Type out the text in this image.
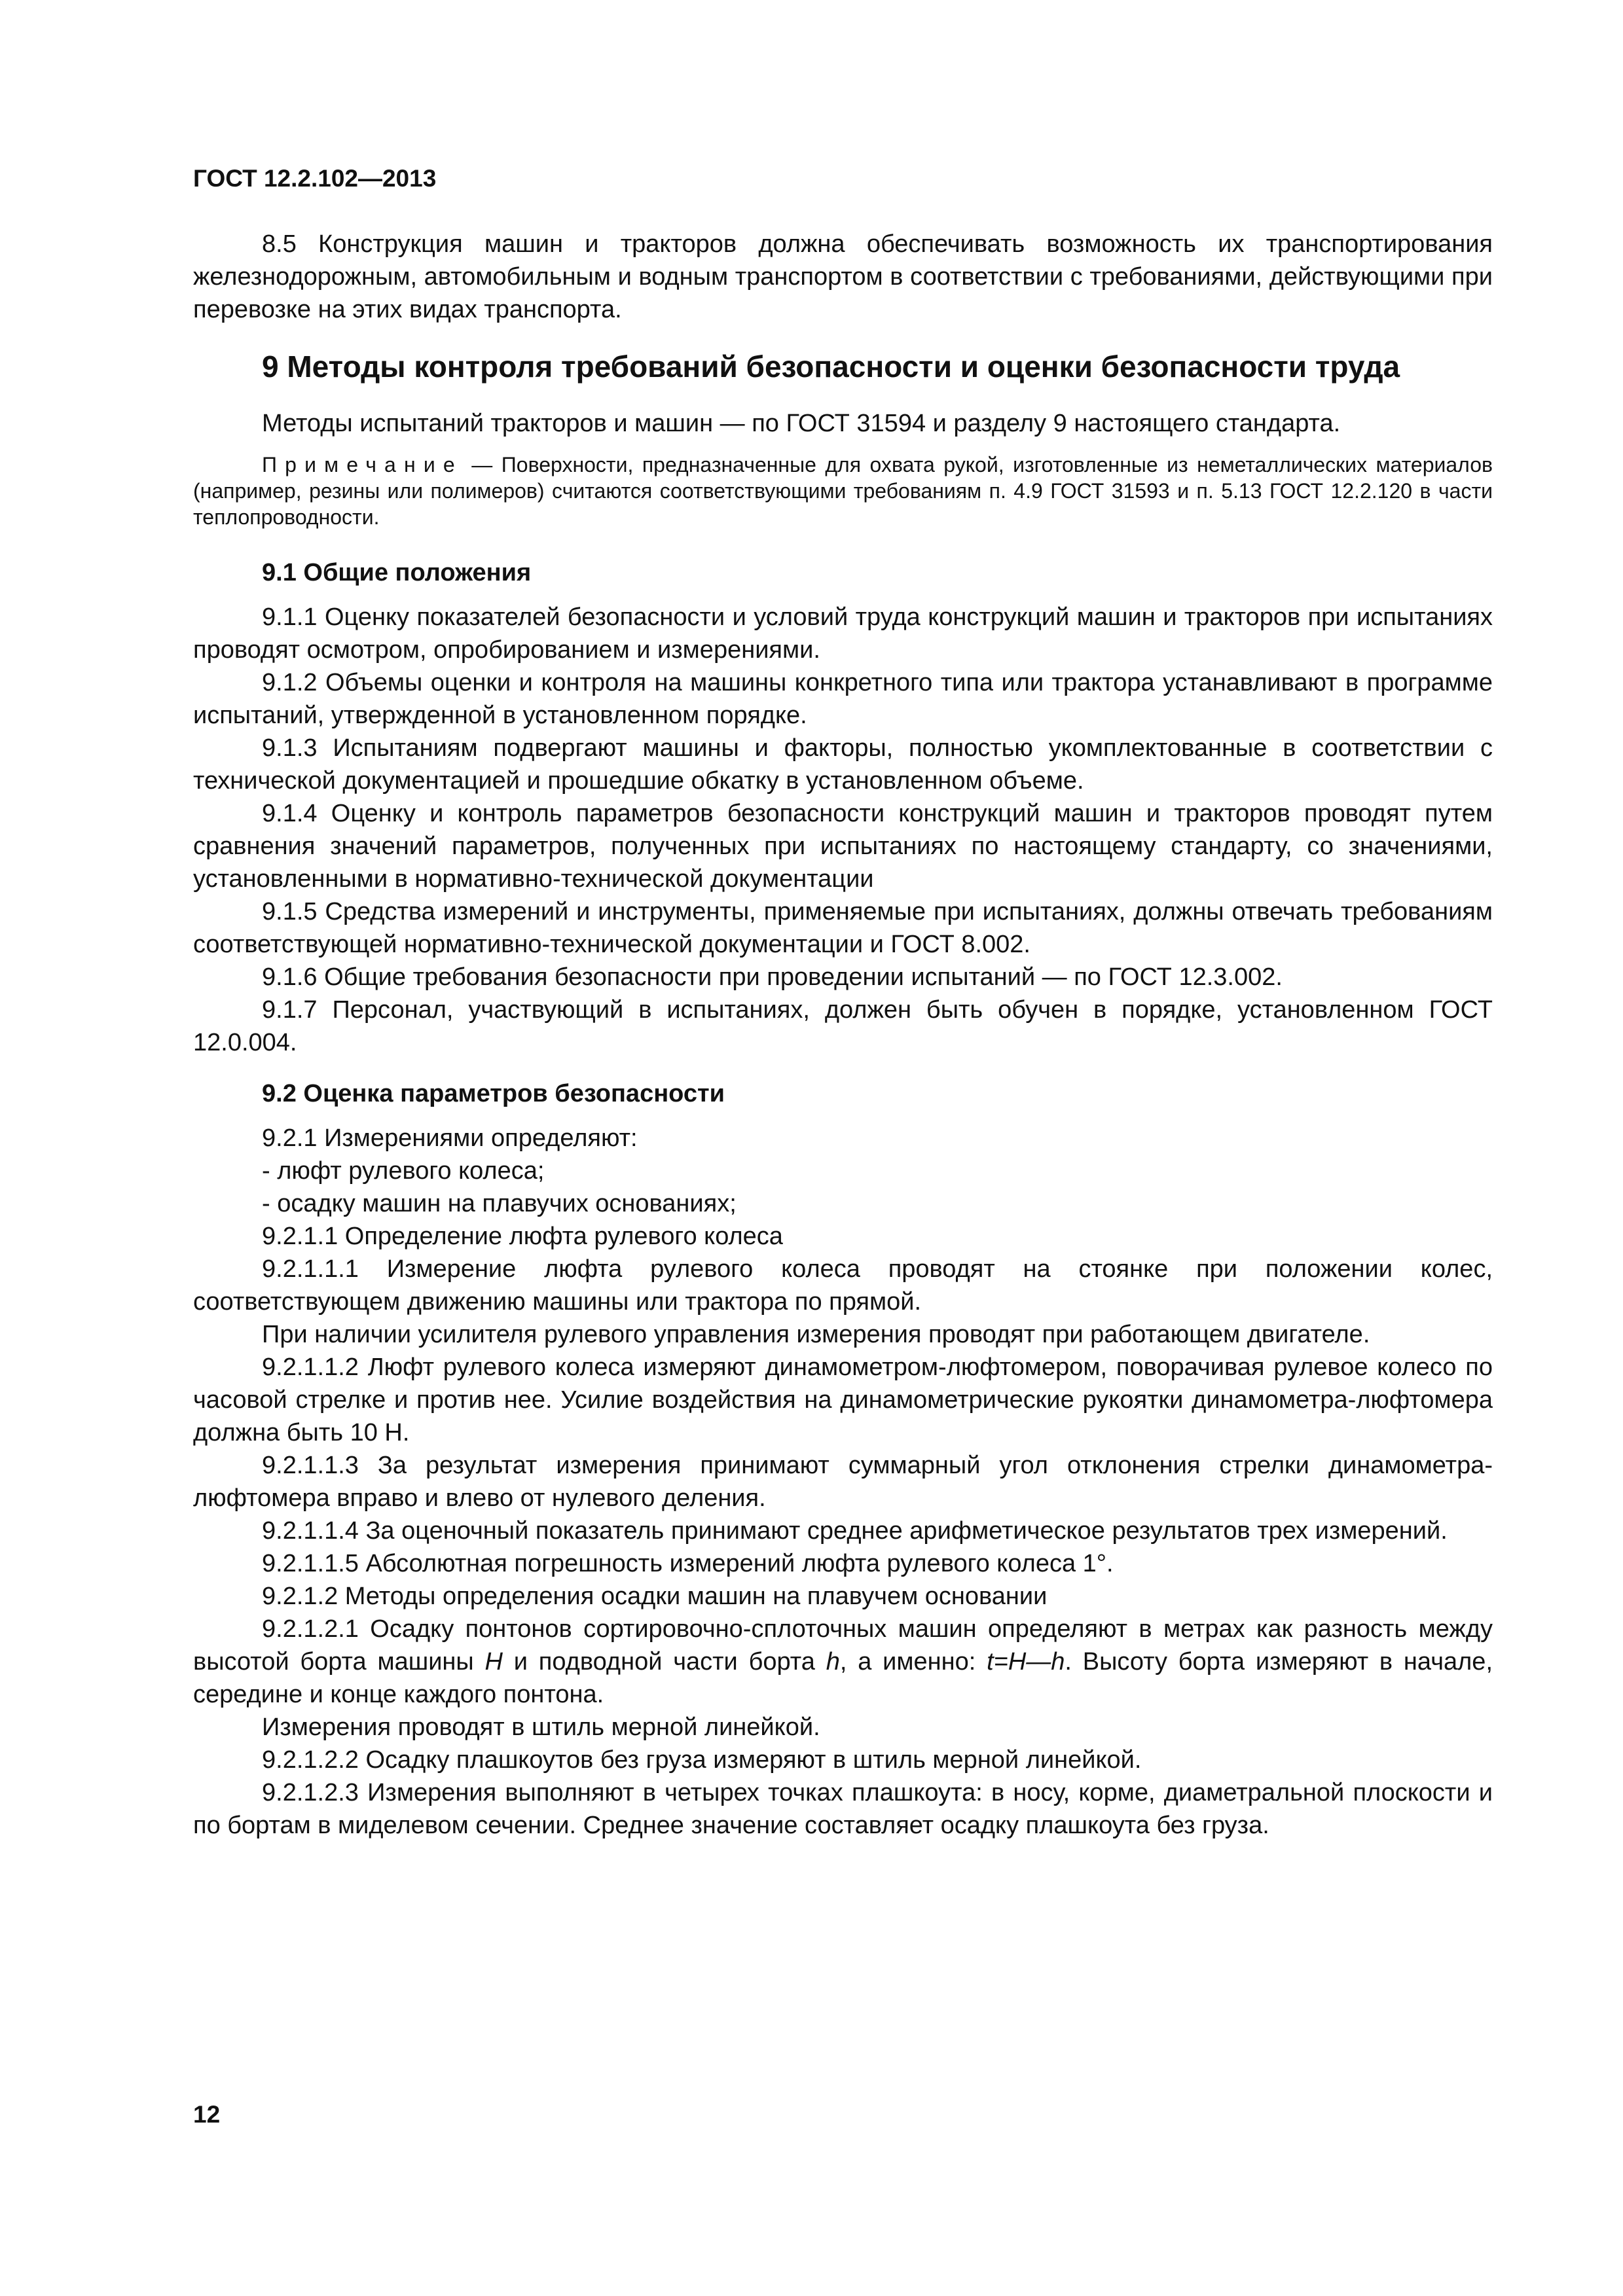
ГОСТ 12.2.102—2013

8.5 Конструкция машин и тракторов должна обеспечивать возможность их транспортирования железнодорожным, автомобильным и водным транспортом в соответствии с требованиями, действующими при перевозке на этих видах транспорта.

9 Методы контроля требований безопасности и оценки безопасности труда

Методы испытаний тракторов и машин — по ГОСТ 31594 и разделу 9 настоящего стандарта.

Примечание — Поверхности, предназначенные для охвата рукой, изготовленные из неметаллических материалов (например, резины или полимеров) считаются соответствующими требованиям п. 4.9 ГОСТ 31593 и п. 5.13 ГОСТ 12.2.120 в части теплопроводности.
9.1 Общие положения

9.1.1 Оценку показателей безопасности и условий труда конструкций машин и тракторов при испытаниях проводят осмотром, опробированием и измерениями.

9.1.2 Объемы оценки и контроля на машины конкретного типа или трактора устанавливают в программе испытаний, утвержденной в установленном порядке.

9.1.3 Испытаниям подвергают машины и факторы, полностью укомплектованные в соответствии с технической документацией и прошедшие обкатку в установленном объеме.

9.1.4 Оценку и контроль параметров безопасности конструкций машин и тракторов проводят путем сравнения значений параметров, полученных при испытаниях по настоящему стандарту, со значениями, установленными в нормативно-технической документации

9.1.5 Средства измерений и инструменты, применяемые при испытаниях, должны отвечать требованиям соответствующей нормативно-технической документации и ГОСТ 8.002.

9.1.6 Общие требования безопасности при проведении испытаний — по ГОСТ 12.3.002.

9.1.7 Персонал, участвующий в испытаниях, должен быть обучен в порядке, установленном ГОСТ 12.0.004.

9.2 Оценка параметров безопасности

9.2.1 Измерениями определяют:

- люфт рулевого колеса;

- осадку машин на плавучих основаниях;

9.2.1.1 Определение люфта рулевого колеса

9.2.1.1.1 Измерение люфта рулевого колеса проводят на стоянке при положении колес, соответствующем движению машины или трактора по прямой.

При наличии усилителя рулевого управления измерения проводят при работающем двигателе.

9.2.1.1.2 Люфт рулевого колеса измеряют динамометром-люфтомером, поворачивая рулевое колесо по часовой стрелке и против нее. Усилие воздействия на динамометрические рукоятки динамометра-люфтомера должна быть 10 Н.

9.2.1.1.3 За результат измерения принимают суммарный угол отклонения стрелки динамометра-люфтомера вправо и влево от нулевого деления.

9.2.1.1.4 За оценочный показатель принимают среднее арифметическое результатов трех измерений.

9.2.1.1.5 Абсолютная погрешность измерений люфта рулевого колеса 1°.

9.2.1.2 Методы определения осадки машин на плавучем основании

9.2.1.2.1 Осадку понтонов сортировочно-сплоточных машин определяют в метрах как разность между высотой борта машины H и подводной части борта h, а именно: t=H—h. Высоту борта измеряют в начале, середине и конце каждого понтона.

Измерения проводят в штиль мерной линейкой.

9.2.1.2.2 Осадку плашкоутов без груза измеряют в штиль мерной линейкой.

9.2.1.2.3 Измерения выполняют в четырех точках плашкоута: в носу, корме, диаметральной плоскости и по бортам в миделевом сечении. Среднее значение составляет осадку плашкоута без груза.

12
